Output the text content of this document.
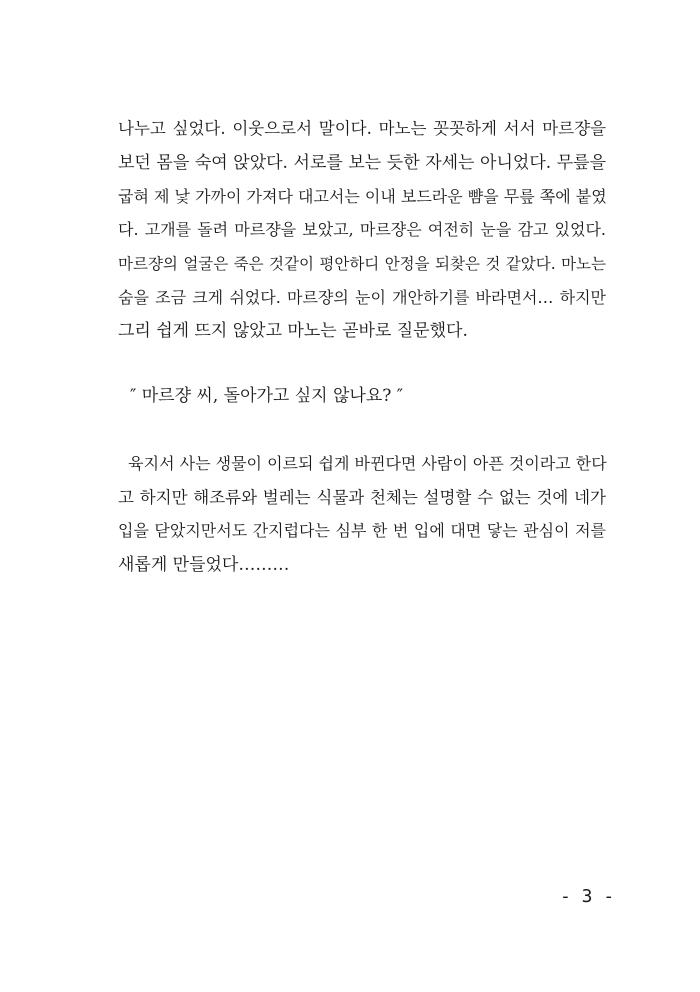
나누고 싶었다. 이웃으로서 말이다. 마노는 꼿꼿하게 서서 마르쟝을
보던 몸을 숙여 앉았다. 서로를 보는 듯한 자세는 아니었다. 무릎을
굽혀 제 낯 가까이 가져다 대고서는 이내 보드라운 뺨을 무릎 쪽에 붙였
다. 고개를 돌려 마르쟝을 보았고, 마르쟝은 여전히 눈을 감고 있었다.
마르쟝의 얼굴은 죽은 것같이 평안하디 안정을 되찾은 것 같았다. 마노는
숨을 조금 크게 쉬었다. 마르쟝의 눈이 개안하기를 바라면서… 하지만
그리 쉽게 뜨지 않았고 마노는 곧바로 질문했다.
″ 마르쟝 씨, 돌아가고 싶지 않나요? ″
육지서 사는 생물이 이르되 쉽게 바뀐다면 사람이 아픈 것이라고 한다
고 하지만 해조류와 벌레는 식물과 천체는 설명할 수 없는 것에 네가
입을 닫았지만서도 간지럽다는 심부 한 번 입에 대면 닿는 관심이 저를
새롭게 만들었다………
- 3 -
